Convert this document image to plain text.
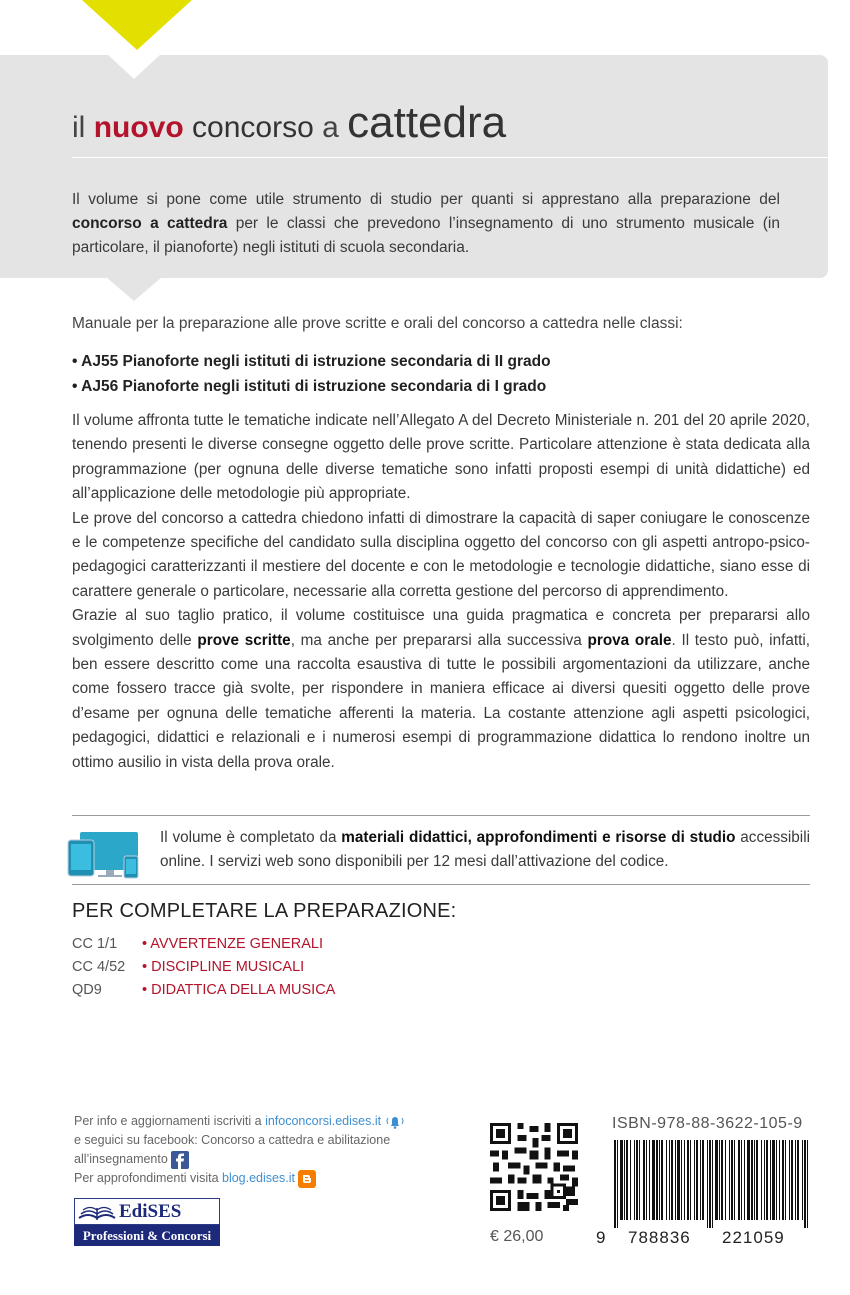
il nuovo concorso a cattedra
Il volume si pone come utile strumento di studio per quanti si apprestano alla preparazione del concorso a cattedra per le classi che prevedono l’insegnamento di uno strumento musicale (in particolare, il pianoforte) negli istituti di scuola secondaria.
Manuale per la preparazione alle prove scritte e orali del concorso a cattedra nelle classi:
• AJ55 Pianoforte negli istituti di istruzione secondaria di II grado
• AJ56 Pianoforte negli istituti di istruzione secondaria di I grado

Il volume affronta tutte le tematiche indicate nell’Allegato A del Decreto Ministeriale n. 201 del 20 aprile 2020, tenendo presenti le diverse consegne oggetto delle prove scritte. Particolare attenzione è stata dedicata alla programmazione (per ognuna delle diverse tematiche sono infatti proposti esempi di unità didattiche) ed all’applicazione delle metodologie più appropriate.

Le prove del concorso a cattedra chiedono infatti di dimostrare la capacità di saper coniugare le conoscenze e le competenze specifiche del candidato sulla disciplina oggetto del concorso con gli aspetti antropo-psico-pedagogici caratterizzanti il mestiere del docente e con le metodologie e tecnologie didattiche, siano esse di carattere generale o particolare, necessarie alla corretta gestione del percorso di apprendimento.

Grazie al suo taglio pratico, il volume costituisce una guida pragmatica e concreta per prepararsi allo svolgimento delle prove scritte, ma anche per prepararsi alla successiva prova orale. Il testo può, infatti, ben essere descritto come una raccolta esaustiva di tutte le possibili argomentazioni da utilizzare, anche come fossero tracce già svolte, per rispondere in maniera efficace ai diversi quesiti oggetto delle prove d’esame per ognuna delle tematiche afferenti la materia. La costante attenzione agli aspetti psicologici, pedagogici, didattici e relazionali e i numerosi esempi di programmazione didattica lo rendono inoltre un ottimo ausilio in vista della prova orale.

Il volume è completato da materiali didattici, approfondimenti e risorse di studio accessibili online. I servizi web sono disponibili per 12 mesi dall’attivazione del codice.
PER COMPLETARE LA PREPARAZIONE:
CC 1/1	• AVVERTENZE GENERALI
CC 4/52	• DISCIPLINE MUSICALI
QD9	• DIDATTICA DELLA MUSICA
Per info e aggiornamenti iscriviti a infoconcorsi.edises.it
e seguici su facebook: Concorso a cattedra e abilitazione
all’insegnamento
Per approfondimenti visita blog.edises.it
EdiSES
Professioni & Concorsi	€ 26,00
ISBN-978-88-3622-105-9
9 788836 221059
